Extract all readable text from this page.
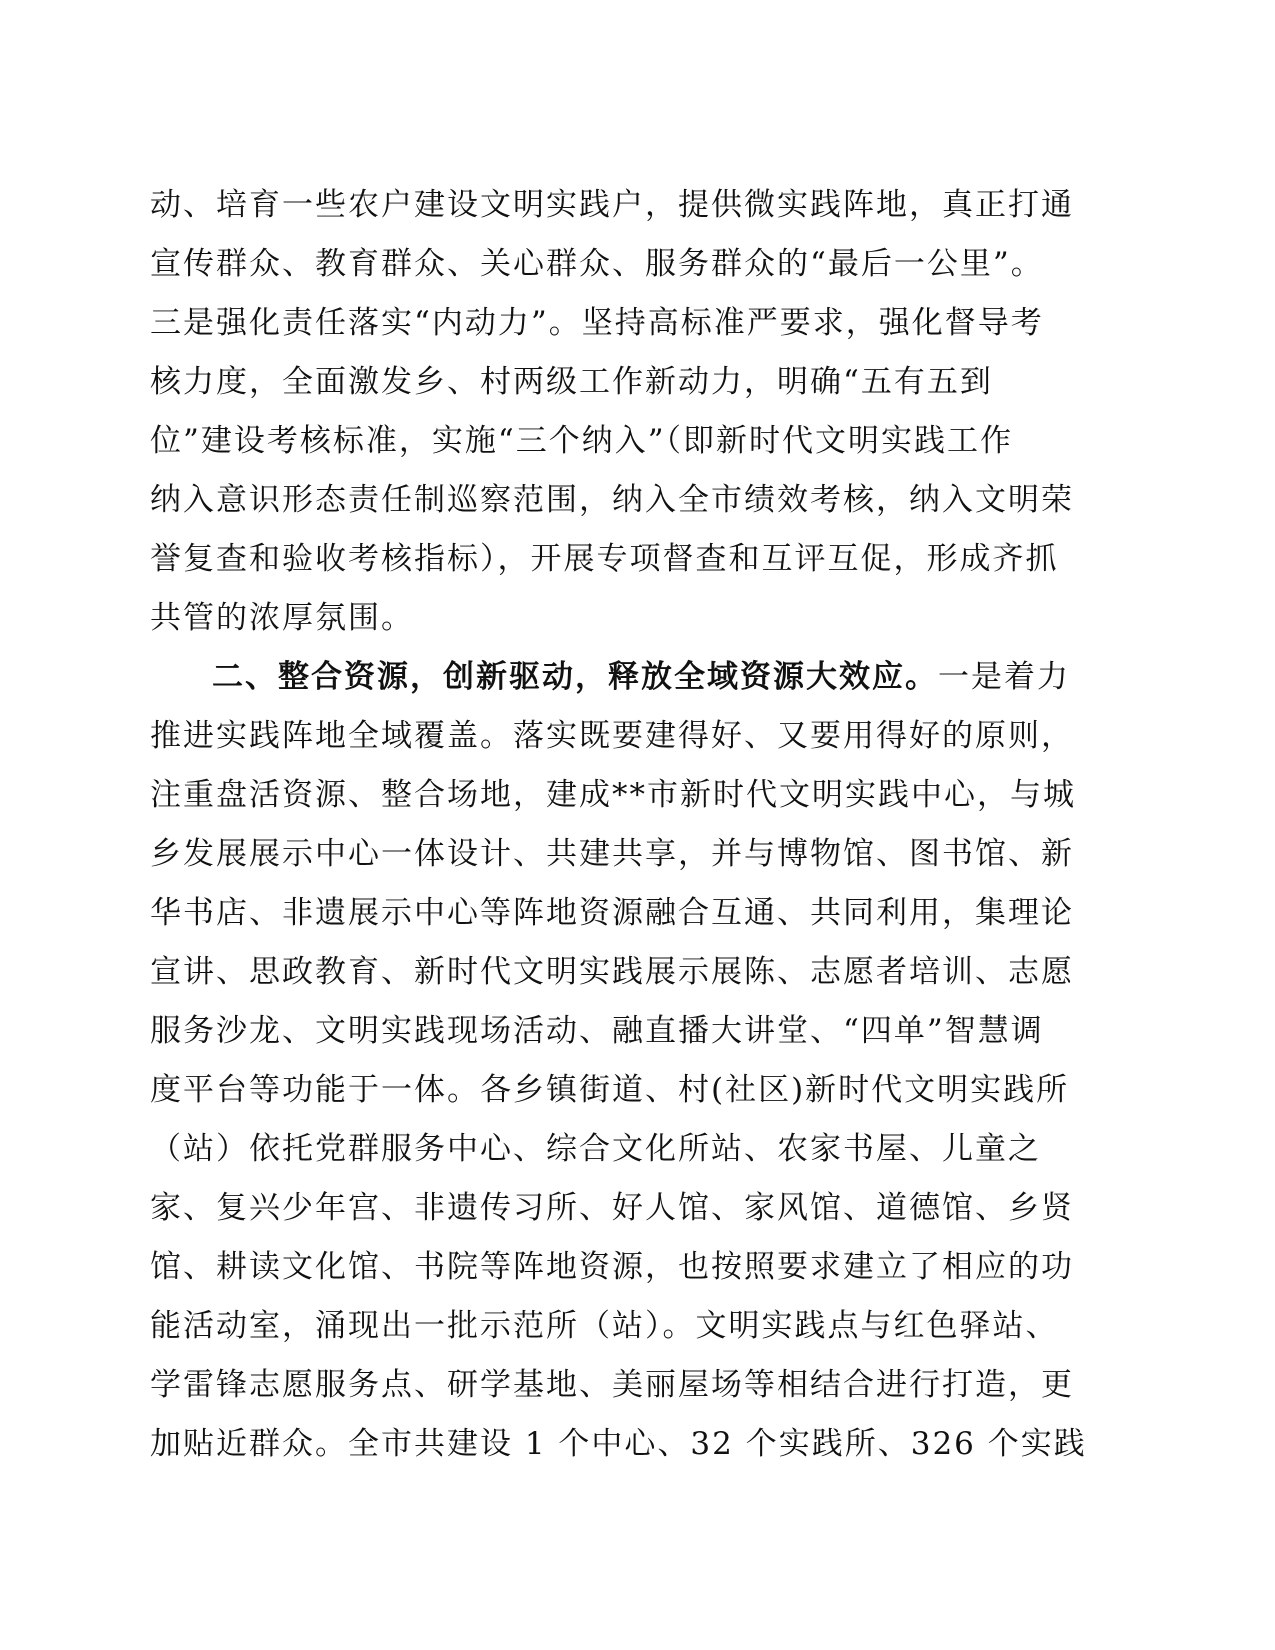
动、培育一些农户建设文明实践户，提供微实践阵地，真正打通
宣传群众、教育群众、关心群众、服务群众的“最后一公里”。
三是强化责任落实“内动力”。坚持高标准严要求，强化督导考
核力度，全面激发乡、村两级工作新动力，明确“五有五到
位”建设考核标准，实施“三个纳入”（即新时代文明实践工作
纳入意识形态责任制巡察范围，纳入全市绩效考核，纳入文明荣
誉复查和验收考核指标），开展专项督查和互评互促，形成齐抓
共管的浓厚氛围。
二、整合资源，创新驱动，释放全域资源大效应。一是着力
推进实践阵地全域覆盖。落实既要建得好、又要用得好的原则，
注重盘活资源、整合场地，建成**市新时代文明实践中心，与城
乡发展展示中心一体设计、共建共享，并与博物馆、图书馆、新
华书店、非遗展示中心等阵地资源融合互通、共同利用，集理论
宣讲、思政教育、新时代文明实践展示展陈、志愿者培训、志愿
服务沙龙、文明实践现场活动、融直播大讲堂、“四单”智慧调
度平台等功能于一体。各乡镇街道、村(社区)新时代文明实践所
（站）依托党群服务中心、综合文化所站、农家书屋、儿童之
家、复兴少年宫、非遗传习所、好人馆、家风馆、道德馆、乡贤
馆、耕读文化馆、书院等阵地资源，也按照要求建立了相应的功
能活动室，涌现出一批示范所（站）。文明实践点与红色驿站、
学雷锋志愿服务点、研学基地、美丽屋场等相结合进行打造，更
加贴近群众。全市共建设 1 个中心、32 个实践所、326 个实践
